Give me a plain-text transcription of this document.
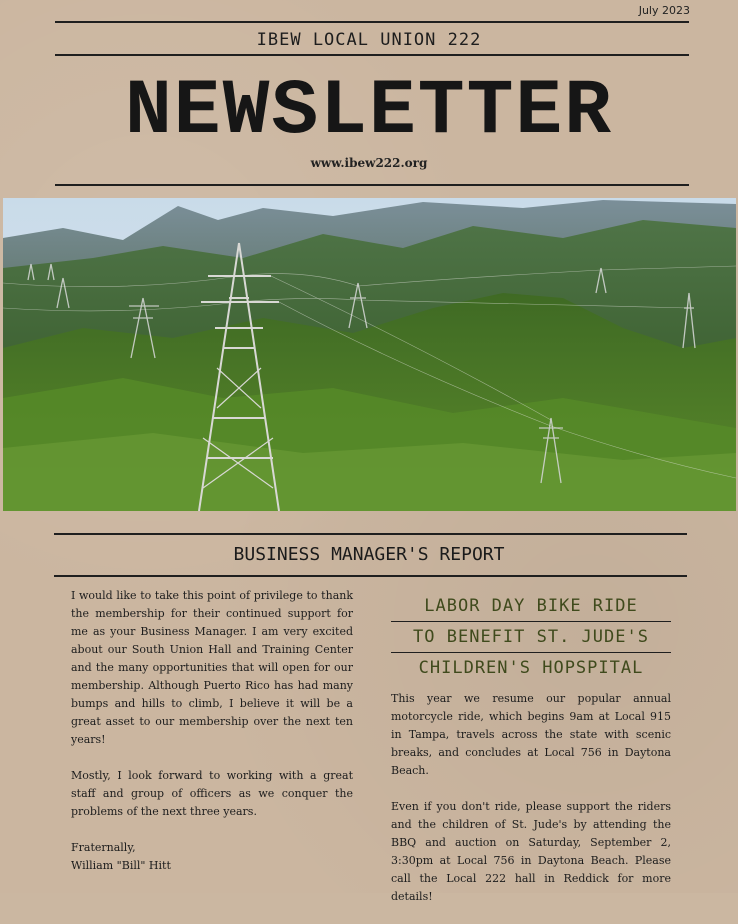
July 2023
IBEW LOCAL UNION 222
NEWSLETTER
www.ibew222.org
BUSINESS MANAGER'S REPORT

I would like to take this point of privilege to thank the membership for their continued support for me as your Business Manager. I am very excited about our South Union Hall and Training Center and the many opportunities that will open for our membership. Although Puerto Rico has had many bumps and hills to climb, I believe it will be a great asset to our membership over the next ten years!

Mostly, I look forward to working with a great staff and group of officers as we conquer the problems of the next three years.

Fraternally,

William "Bill" Hitt

LABOR DAY BIKE RIDE
TO BENEFIT ST. JUDE'S
CHILDREN'S HOPSPITAL

This year we resume our popular annual motorcycle ride, which begins 9am at Local 915 in Tampa, travels across the state with scenic breaks, and concludes at Local 756 in Daytona Beach.

Even if you don't ride, please support the riders and the children of St. Jude's by attending the BBQ and auction on Saturday, September 2, 3:30pm at Local 756 in Daytona Beach. Please call the Local 222 hall in Reddick for more details!
